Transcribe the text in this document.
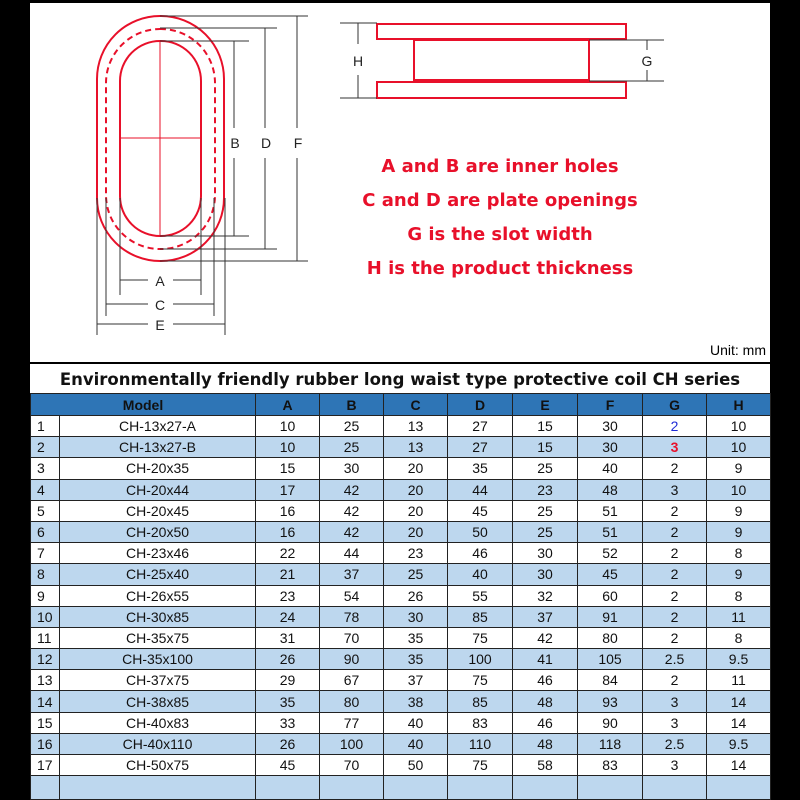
B D F
A
C
E
H	G
A and B are inner holes
C and D are plate openings
G is the slot width
H is the product thickness
Unit: mm
Environmentally friendly rubber long waist type protective coil CH series
Model		A	B	C	D	E	F	G	H
1	CH-13x27-A	10	25	13	27	15	30	2	10
2	CH-13x27-B	10	25	13	27	15	30	3	10
3	CH-20x35	15	30	20	35	25	40	2	9
4	CH-20x44	17	42	20	44	23	48	3	10
5	CH-20x45	16	42	20	45	25	51	2	9
6	CH-20x50	16	42	20	50	25	51	2	9
7	CH-23x46	22	44	23	46	30	52	2	8
8	CH-25x40	21	37	25	40	30	45	2	9
9	CH-26x55	23	54	26	55	32	60	2	8
10	CH-30x85	24	78	30	85	37	91	2	11
11	CH-35x75	31	70	35	75	42	80	2	8
12	CH-35x100	26	90	35	100	41	105	2.5	9.5
13	CH-37x75	29	67	37	75	46	84	2	11
14	CH-38x85	35	80	38	85	48	93	3	14
15	CH-40x83	33	77	40	83	46	90	3	14
16	CH-40x110	26	100	40	110	48	118	2.5	9.5
17	CH-50x75	45	70	50	75	58	83	3	14
